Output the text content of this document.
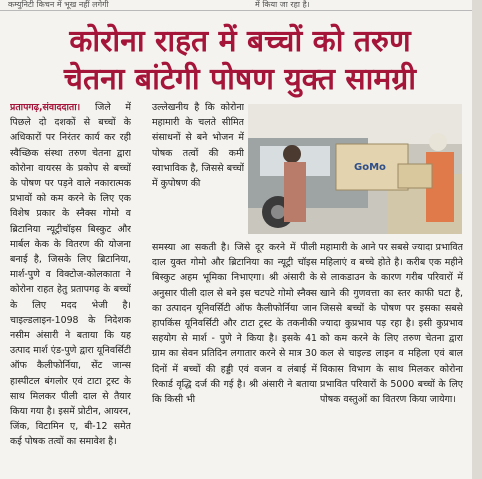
कम्युनिटी किचन में भूख नहीं लगेगी	में किया जा रहा है।
कोरोना राहत में बच्चों को तरुण
चेतना बांटेगी पोषण युक्त सामग्री
प्रतापगढ़,संवाददाता। जिले में पिछले दो दशकों से बच्चों के अधिकारों पर निरंतर कार्य कर रही स्वैच्छिक संस्था तरुण चेतना द्वारा कोरोना वायरस के प्रकोप से बच्चों के पोषण पर पड़ने वाले नकारात्मक प्रभावों को कम करने के लिए एक विशेष प्रकार के स्नैक्स गोमो व ब्रिटानिया न्यूट्रीचॉइस बिस्कुट और मार्बल केक के वितरण की योजना बनाई है, जिसके लिए ब्रिटानिया, मार्श-पुणे व विक्टोज-कोलकाता ने कोरोना राहत हेतु प्रतापगढ़ के बच्चों के लिए मदद भेजी है। चाइल्डलाइन-1098 के निदेशक नसीम अंसारी ने बताया कि यह उत्पाद मार्श एंड-पुणे द्वारा यूनिवर्सिटी ऑफ कैलीफोर्निया, सेंट जान्स हास्पीटल बंगलोर एवं टाटा ट्रस्ट के साथ मिलकर पीली दाल से तैयार किया गया है। इसमें प्रोटीन, आयरन, जिंक, विटामिन ए, बी-12 समेत कई पोषक तत्वों का समावेश है।
उल्लेखनीय है कि कोरोना महामारी के चलते सीमित संसाधनों से बने भोजन में पोषक तत्वों की कमी स्वाभाविक है, जिससे बच्चों में कुपोषण की
GoMo
समस्या आ सकती है। जिसे दूर करने में पीली दाल युक्त गोमो और ब्रिटानिया का न्यूट्री चॉइस बिस्कुट अहम भूमिका निभाएगा। श्री अंसारी के अनुसार पीली दाल से बने इस चटपटे गोमो स्नैक्स का उत्पादन यूनिवर्सिटी ऑफ कैलीफोर्निया जान हापकिंस यूनिवर्सिटी और टाटा ट्रस्ट के तकनीकी सहयोग से मार्श - पुणे ने किया है। इसके 41 ग्राम का सेवन प्रतिदिन लगातार करने से मात्र 30 दिनों में बच्चों की हड्डी एवं वजन व लंबाई में रिकार्ड वृद्धि दर्ज की गई है। श्री अंसारी ने बताया कि किसी भी
महामारी के आने पर सबसे ज्यादा प्रभावित महिलाएं व बच्चे होते है। करीब एक महीने से लाकडाउन के कारण गरीब परिवारों में खाने की गुणवत्ता का स्तर काफी घटा है, जिससे बच्चों के पोषण पर इसका सबसे ज्यादा कुप्रभाव पड़ रहा है। इसी कुप्रभाव को कम करने के लिए तरुण चेतना द्वारा कल से चाइल्ड लाइन व महिला एवं बाल विकास विभाग के साथ मिलकर कोरोना प्रभावित परिवारों के 5000 बच्चों के लिए पोषक वस्तुओं का वितरण किया जायेगा।
